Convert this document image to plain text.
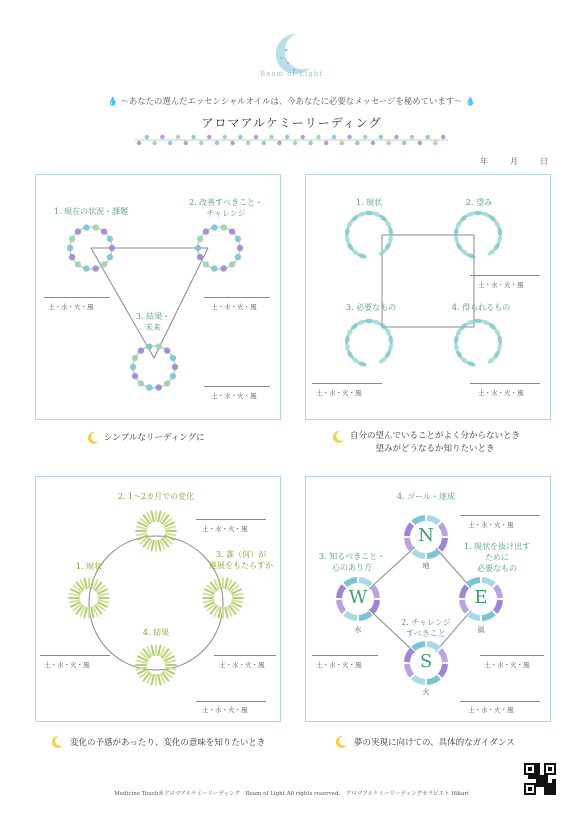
Beam of Light
💧 〜あなたの選んだエッセンシャルオイルは、今あなたに必要なメッセージを秘めています〜 💧
アロマアルケミーリーディング
年	月	日
1. 現在の状況・課題
2. 改善すべきこと・
チャレンジ
3. 結果・
未来
土・水・火・風	土・水・火・風
土・水・火・風
シンプルなリーディングに
1. 現状	2. 望み
3. 必要なもの	4. 得られるもの
土・水・火・風
土・水・火・風	土・水・火・風
自分の望んでいることがよく分からないとき
望みがどうなるか知りたいとき
2. 1〜2カ月での変化
3. 誰（何）が
進展をもたらすか
4. 結果
1. 現状
土・水・火・風
土・水・火・風	土・水・火・風
土・水・火・風
変化の予感があったり、変化の意味を知りたいとき
N
E
S
W
地
風
火
水
4. ゴール・達成
1. 現状を抜け出す
ために
必要なもの
2. チャレンジ
すべきこと
3. 知るべきこと・
心のあり方
土・水・火・風
土・水・火・風	土・水・火・風
土・水・火・風
夢の実現に向けての、具体的なガイダンス
Medicine Touch®アロマアルケミーリーディング　Beam of Light All rights reserved.　アロマアルケミーリーディングセラピスト Hikari
